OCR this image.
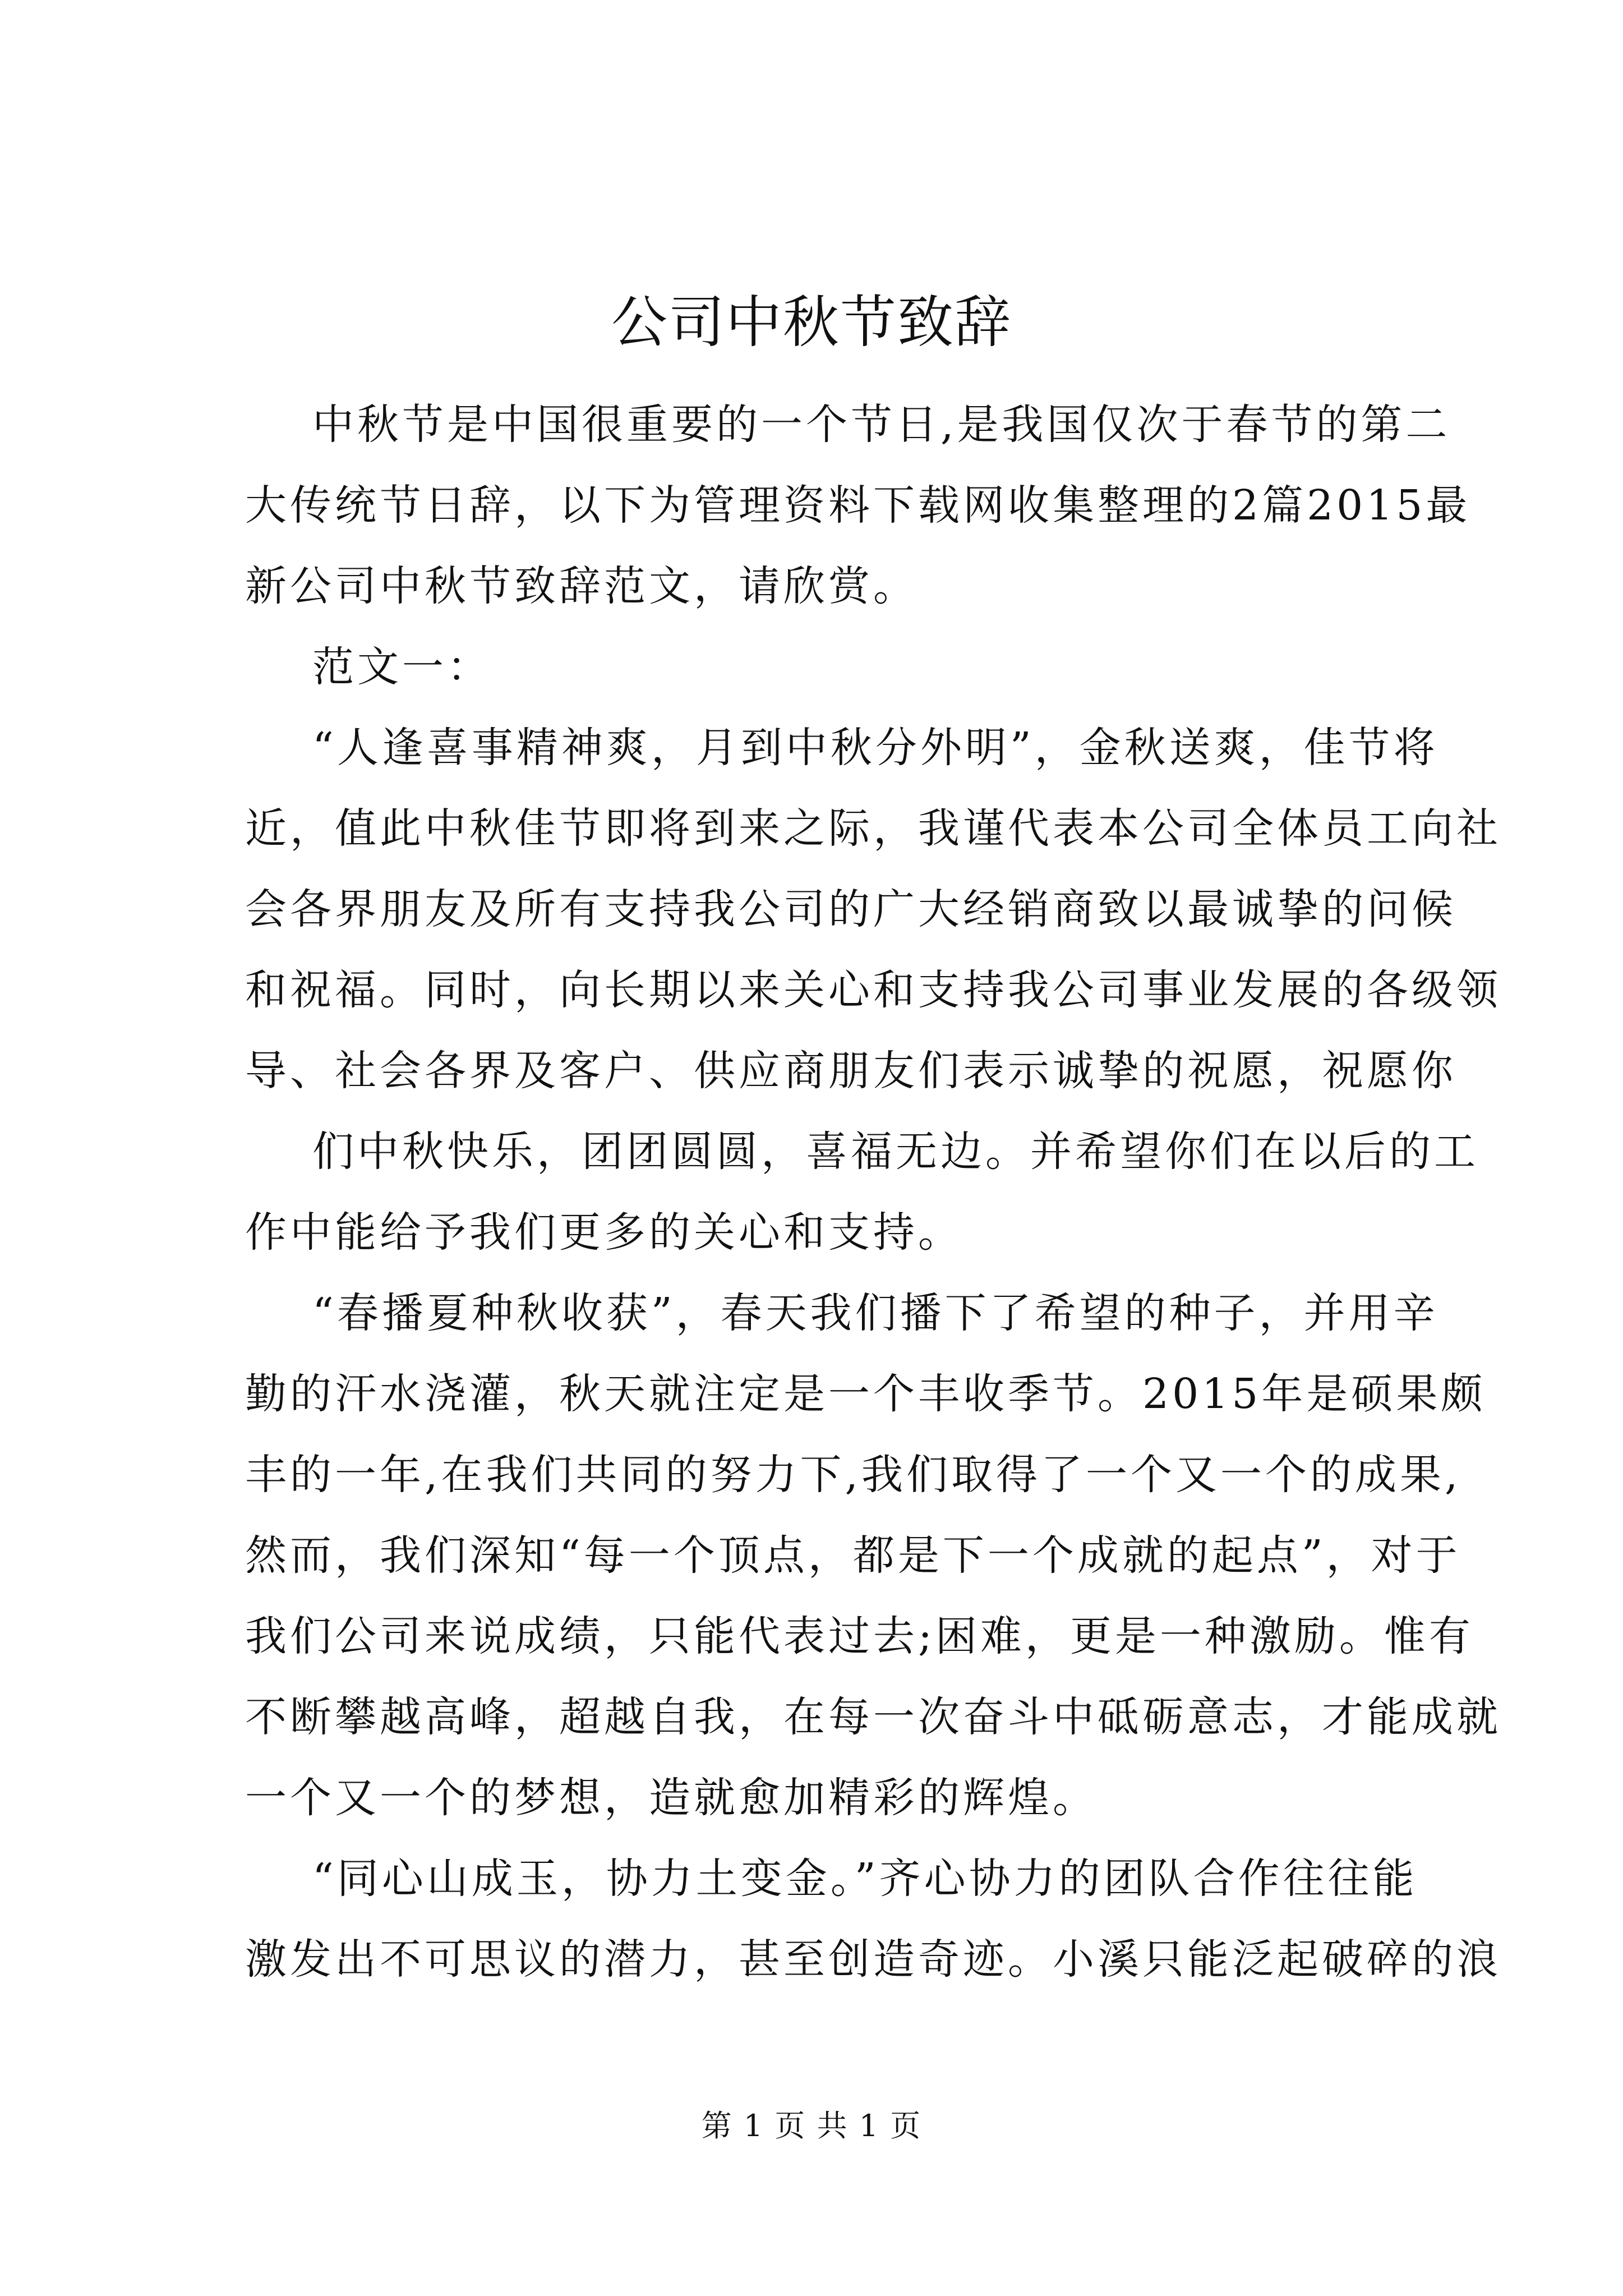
公司中秋节致辞
中秋节是中国很重要的一个节日,是我国仅次于春节的第二
大传统节日辞，以下为管理资料下载网收集整理的2篇2015最
新公司中秋节致辞范文，请欣赏。
范文一：
“人逢喜事精神爽，月到中秋分外明”，金秋送爽，佳节将
近，值此中秋佳节即将到来之际，我谨代表本公司全体员工向社
会各界朋友及所有支持我公司的广大经销商致以最诚挚的问候
和祝福。同时，向长期以来关心和支持我公司事业发展的各级领
导、社会各界及客户、供应商朋友们表示诚挚的祝愿，祝愿你
们中秋快乐，团团圆圆，喜福无边。并希望你们在以后的工
作中能给予我们更多的关心和支持。
“春播夏种秋收获”，春天我们播下了希望的种子，并用辛
勤的汗水浇灌，秋天就注定是一个丰收季节。2015年是硕果颇
丰的一年,在我们共同的努力下,我们取得了一个又一个的成果,
然而，我们深知“每一个顶点，都是下一个成就的起点”，对于
我们公司来说成绩，只能代表过去;困难，更是一种激励。惟有
不断攀越高峰，超越自我，在每一次奋斗中砥砺意志，才能成就
一个又一个的梦想，造就愈加精彩的辉煌。
“同心山成玉，协力土变金。”齐心协力的团队合作往往能
激发出不可思议的潜力，甚至创造奇迹。小溪只能泛起破碎的浪
第 1 页 共 1 页
